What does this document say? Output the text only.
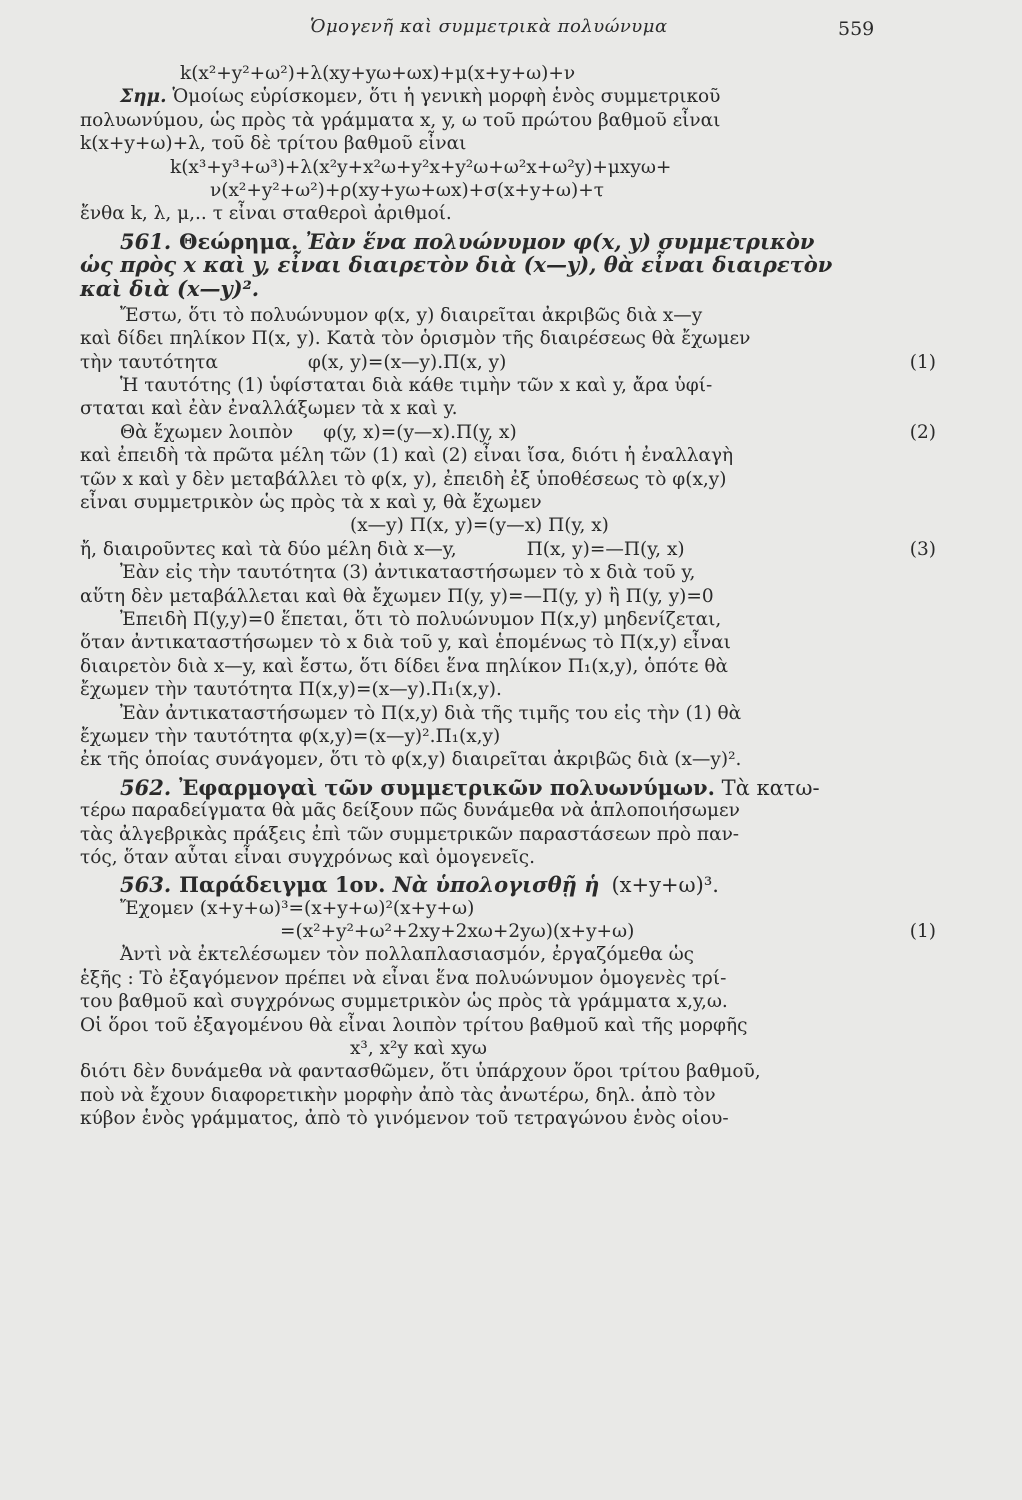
Ὁμογενῆ καὶ συμμετρικὰ πολυώνυμα	559
k(x²+y²+ω²)+λ(xy+yω+ωx)+μ(x+y+ω)+ν
Σημ. Ὁμοίως εὑρίσκομεν, ὅτι ἡ γενικὴ μορφὴ ἑνὸς συμμετρικοῦ
πολυωνύμου, ὡς πρὸς τὰ γράμματα x, y, ω τοῦ πρώτου βαθμοῦ εἶναι
k(x+y+ω)+λ, τοῦ δὲ τρίτου βαθμοῦ εἶναι
k(x³+y³+ω³)+λ(x²y+x²ω+y²x+y²ω+ω²x+ω²y)+μxyω+
ν(x²+y²+ω²)+ρ(xy+yω+ωx)+σ(x+y+ω)+τ
ἔνθα k, λ, μ,.. τ εἶναι σταθεροὶ ἀριθμοί.
561. Θεώρημα. Ἐὰν ἕνα πολυώνυμον φ(x, y) συμμετρικὸν
ὡς πρὸς x καὶ y, εἶναι διαιρετὸν διὰ (x—y), θὰ εἶναι διαιρετὸν
καὶ διὰ (x—y)².
Ἔστω, ὅτι τὸ πολυώνυμον φ(x, y) διαιρεῖται ἀκριβῶς διὰ x—y
καὶ δίδει πηλίκον Π(x, y). Κατὰ τὸν ὁρισμὸν τῆς διαιρέσεως θὰ ἔχωμεν
τὴν ταυτότητα	φ(x, y)=(x—y).Π(x, y)	(1)
Ἡ ταυτότης (1) ὑφίσταται διὰ κάθε τιμὴν τῶν x καὶ y, ἄρα ὑφί-
σταται καὶ ἐὰν ἐναλλάξωμεν τὰ x καὶ y.
Θὰ ἔχωμεν λοιπὸν φ(y, x)=(y—x).Π(y, x)	(2)
καὶ ἐπειδὴ τὰ πρῶτα μέλη τῶν (1) καὶ (2) εἶναι ἴσα, διότι ἡ ἐναλλαγὴ
τῶν x καὶ y δὲν μεταβάλλει τὸ φ(x, y), ἐπειδὴ ἐξ ὑποθέσεως τὸ φ(x,y)
εἶναι συμμετρικὸν ὡς πρὸς τὰ x καὶ y, θὰ ἔχωμεν
(x—y) Π(x, y)=(y—x) Π(y, x)
ἤ, διαιροῦντες καὶ τὰ δύο μέλη διὰ x—y,	Π(x, y)=—Π(y, x)	(3)
Ἐὰν εἰς τὴν ταυτότητα (3) ἀντικαταστήσωμεν τὸ x διὰ τοῦ y,
αὕτη δὲν μεταβάλλεται καὶ θὰ ἔχωμεν Π(y, y)=—Π(y, y) ἢ Π(y, y)=0
Ἐπειδὴ Π(y,y)=0 ἕπεται, ὅτι τὸ πολυώνυμον Π(x,y) μηδενίζεται,
ὅταν ἀντικαταστήσωμεν τὸ x διὰ τοῦ y, καὶ ἑπομένως τὸ Π(x,y) εἶναι
διαιρετὸν διὰ x—y, καὶ ἔστω, ὅτι δίδει ἕνα πηλίκον Π₁(x,y), ὁπότε θὰ
ἔχωμεν τὴν ταυτότητα Π(x,y)=(x—y).Π₁(x,y).
Ἐὰν ἀντικαταστήσωμεν τὸ Π(x,y) διὰ τῆς τιμῆς του εἰς τὴν (1) θὰ
ἔχωμεν τὴν ταυτότητα φ(x,y)=(x—y)².Π₁(x,y)
ἐκ τῆς ὁποίας συνάγομεν, ὅτι τὸ φ(x,y) διαιρεῖται ἀκριβῶς διὰ (x—y)².
562. Ἐφαρμογαὶ τῶν συμμετρικῶν πολυωνύμων. Τὰ κατω-
τέρω παραδείγματα θὰ μᾶς δείξουν πῶς δυνάμεθα νὰ ἁπλοποιήσωμεν
τὰς ἀλγεβρικὰς πράξεις ἐπὶ τῶν συμμετρικῶν παραστάσεων πρὸ παν-
τός, ὅταν αὗται εἶναι συγχρόνως καὶ ὁμογενεῖς.
563. Παράδειγμα 1ον. Νὰ ὑπολογισθῇ ἡ (x+y+ω)³.
Ἔχομεν (x+y+ω)³=(x+y+ω)²(x+y+ω)
=(x²+y²+ω²+2xy+2xω+2yω)(x+y+ω)	(1)
Ἀντὶ νὰ ἐκτελέσωμεν τὸν πολλαπλασιασμόν, ἐργαζόμεθα ὡς
ἑξῆς : Τὸ ἐξαγόμενον πρέπει νὰ εἶναι ἕνα πολυώνυμον ὁμογενὲς τρί-
του βαθμοῦ καὶ συγχρόνως συμμετρικὸν ὡς πρὸς τὰ γράμματα x,y,ω.
Οἱ ὅροι τοῦ ἐξαγομένου θὰ εἶναι λοιπὸν τρίτου βαθμοῦ καὶ τῆς μορφῆς
x³, x²y καὶ xyω
διότι δὲν δυνάμεθα νὰ φαντασθῶμεν, ὅτι ὑπάρχουν ὅροι τρίτου βαθμοῦ,
ποὺ νὰ ἔχουν διαφορετικὴν μορφὴν ἀπὸ τὰς ἀνωτέρω, δηλ. ἀπὸ τὸν
κύβον ἑνὸς γράμματος, ἀπὸ τὸ γινόμενον τοῦ τετραγώνου ἑνὸς οἱου-
